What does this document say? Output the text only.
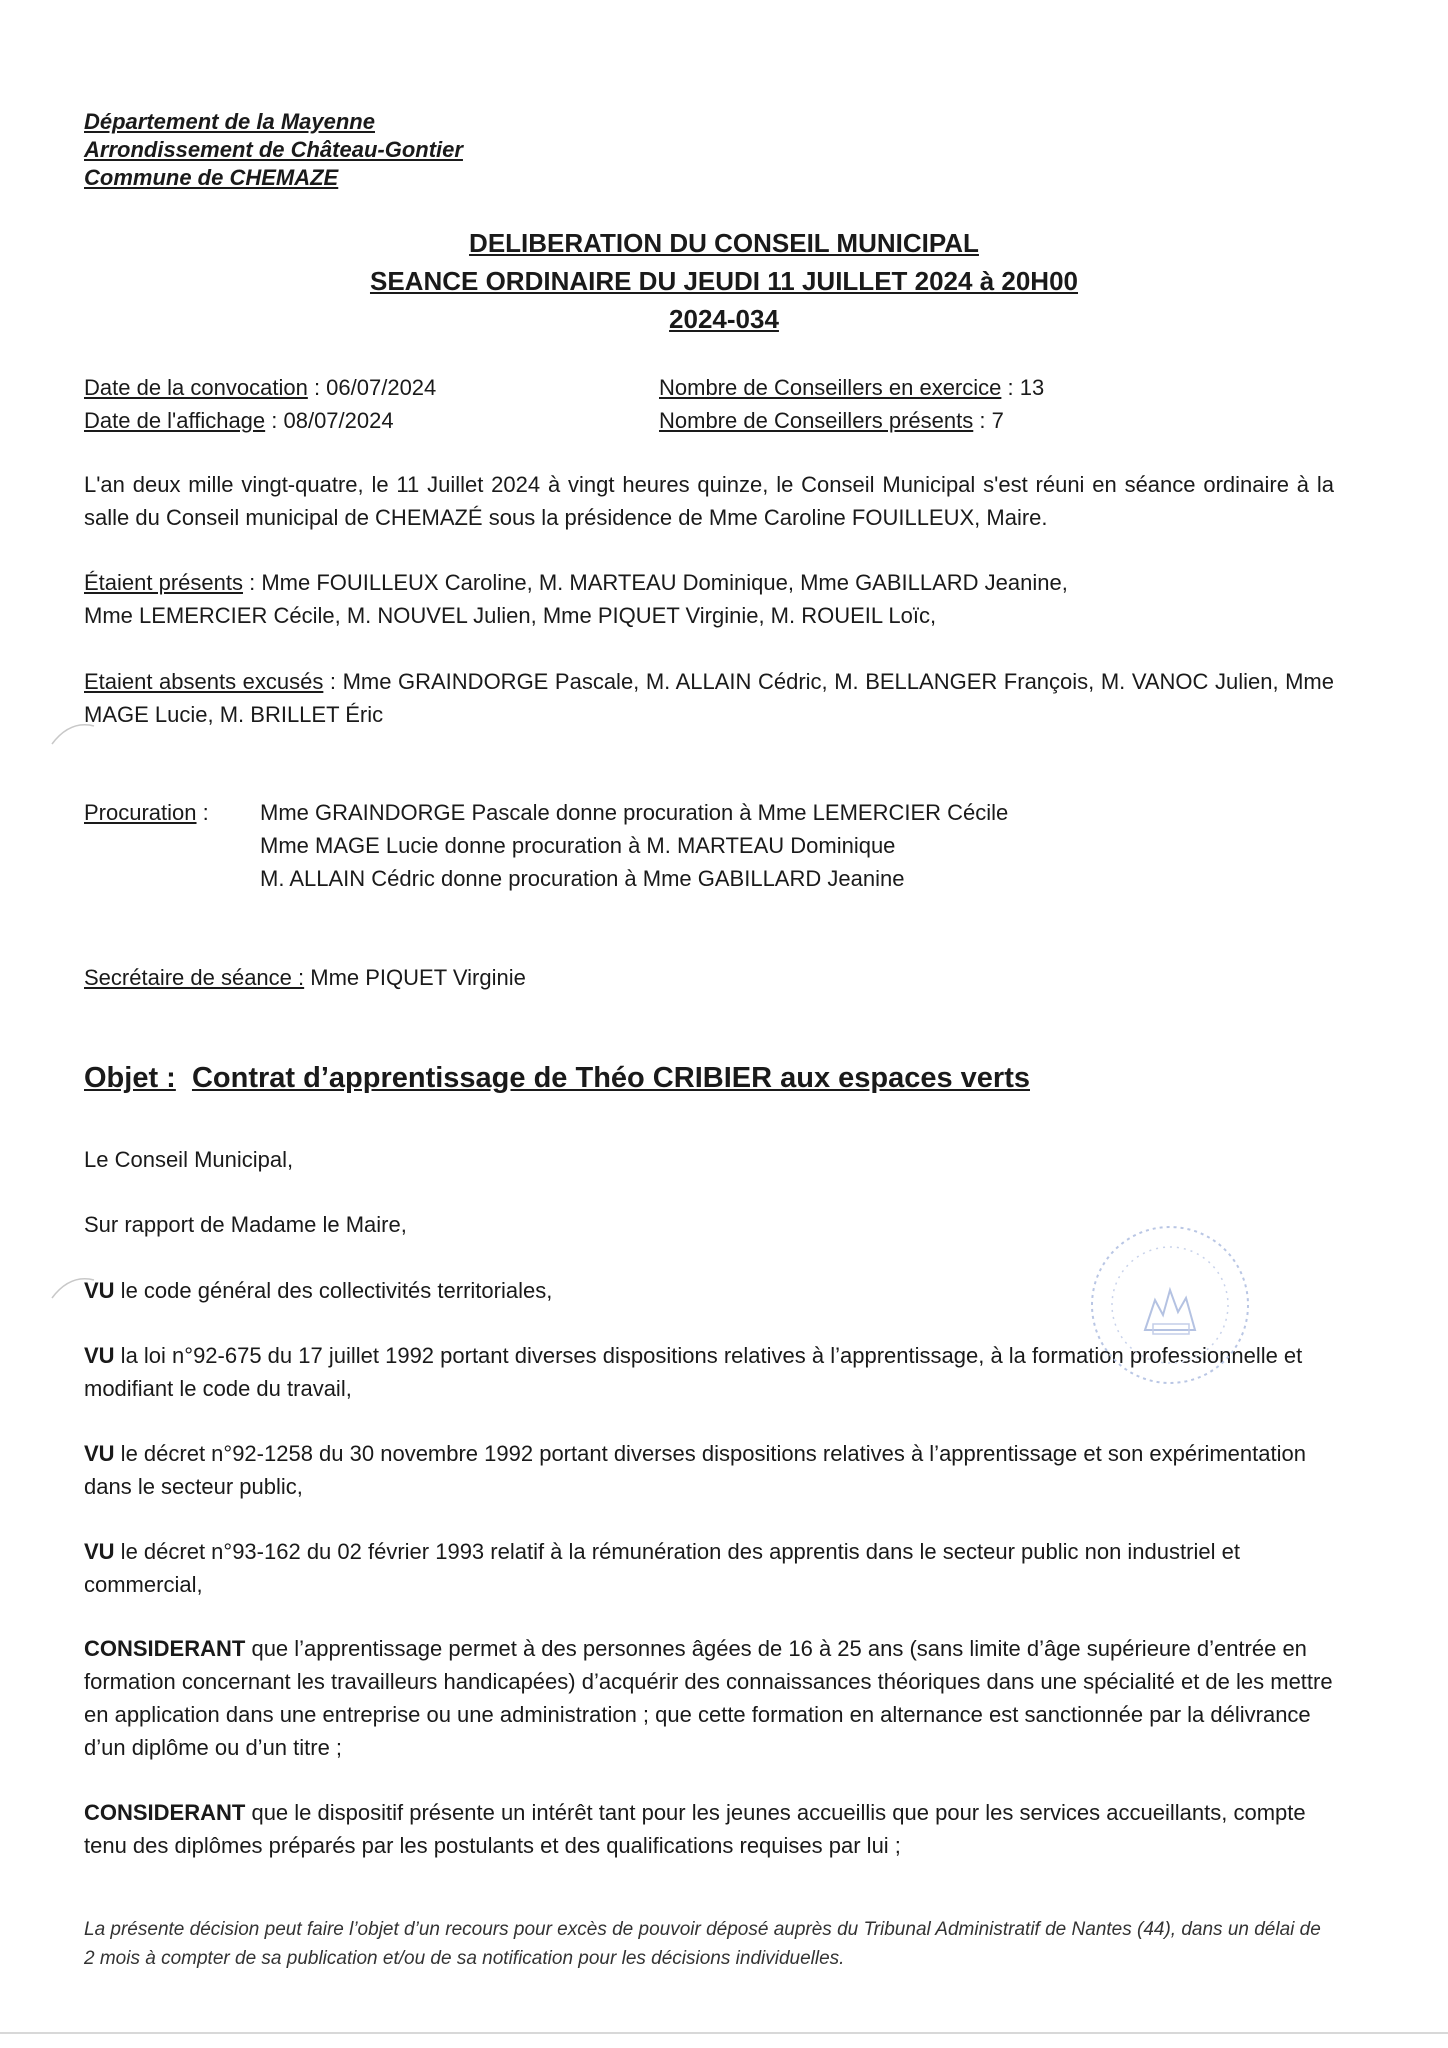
Département de la Mayenne
Arrondissement de Château-Gontier
Commune de CHEMAZE
DELIBERATION DU CONSEIL MUNICIPAL
SEANCE ORDINAIRE DU JEUDI 11 JUILLET 2024 à 20H00
2024-034
Date de la convocation : 06/07/2024
Date de l'affichage : 08/07/2024
Nombre de Conseillers en exercice : 13
Nombre de Conseillers présents : 7
L'an deux mille vingt-quatre, le 11 Juillet 2024 à vingt heures quinze, le Conseil Municipal s'est réuni en séance ordinaire à la salle du Conseil municipal de CHEMAZÉ sous la présidence de Mme Caroline FOUILLEUX, Maire.
Étaient présents : Mme FOUILLEUX Caroline, M. MARTEAU Dominique, Mme GABILLARD Jeanine,
Mme LEMERCIER Cécile, M. NOUVEL Julien, Mme PIQUET Virginie, M. ROUEIL Loïc,
Etaient absents excusés : Mme GRAINDORGE Pascale, M. ALLAIN Cédric, M. BELLANGER François, M. VANOC Julien, Mme MAGE Lucie, M. BRILLET Éric
Procuration : Mme GRAINDORGE Pascale donne procuration à Mme LEMERCIER Cécile
Mme MAGE Lucie donne procuration à M. MARTEAU Dominique
M. ALLAIN Cédric donne procuration à Mme GABILLARD Jeanine
Secrétaire de séance : Mme PIQUET Virginie
Objet : Contrat d’apprentissage de Théo CRIBIER aux espaces verts
Le Conseil Municipal,
Sur rapport de Madame le Maire,
VU le code général des collectivités territoriales,
VU la loi n°92-675 du 17 juillet 1992 portant diverses dispositions relatives à l’apprentissage, à la formation professionnelle et modifiant le code du travail,
VU le décret n°92-1258 du 30 novembre 1992 portant diverses dispositions relatives à l’apprentissage et son expérimentation dans le secteur public,
VU le décret n°93-162 du 02 février 1993 relatif à la rémunération des apprentis dans le secteur public non industriel et commercial,
CONSIDERANT que l’apprentissage permet à des personnes âgées de 16 à 25 ans (sans limite d’âge supérieure d’entrée en formation concernant les travailleurs handicapées) d’acquérir des connaissances théoriques dans une spécialité et de les mettre en application dans une entreprise ou une administration ; que cette formation en alternance est sanctionnée par la délivrance d’un diplôme ou d’un titre ;
CONSIDERANT que le dispositif présente un intérêt tant pour les jeunes accueillis que pour les services accueillants, compte tenu des diplômes préparés par les postulants et des qualifications requises par lui ;
La présente décision peut faire l’objet d’un recours pour excès de pouvoir déposé auprès du Tribunal Administratif de Nantes (44), dans un délai de 2 mois à compter de sa publication et/ou de sa notification pour les décisions individuelles.
